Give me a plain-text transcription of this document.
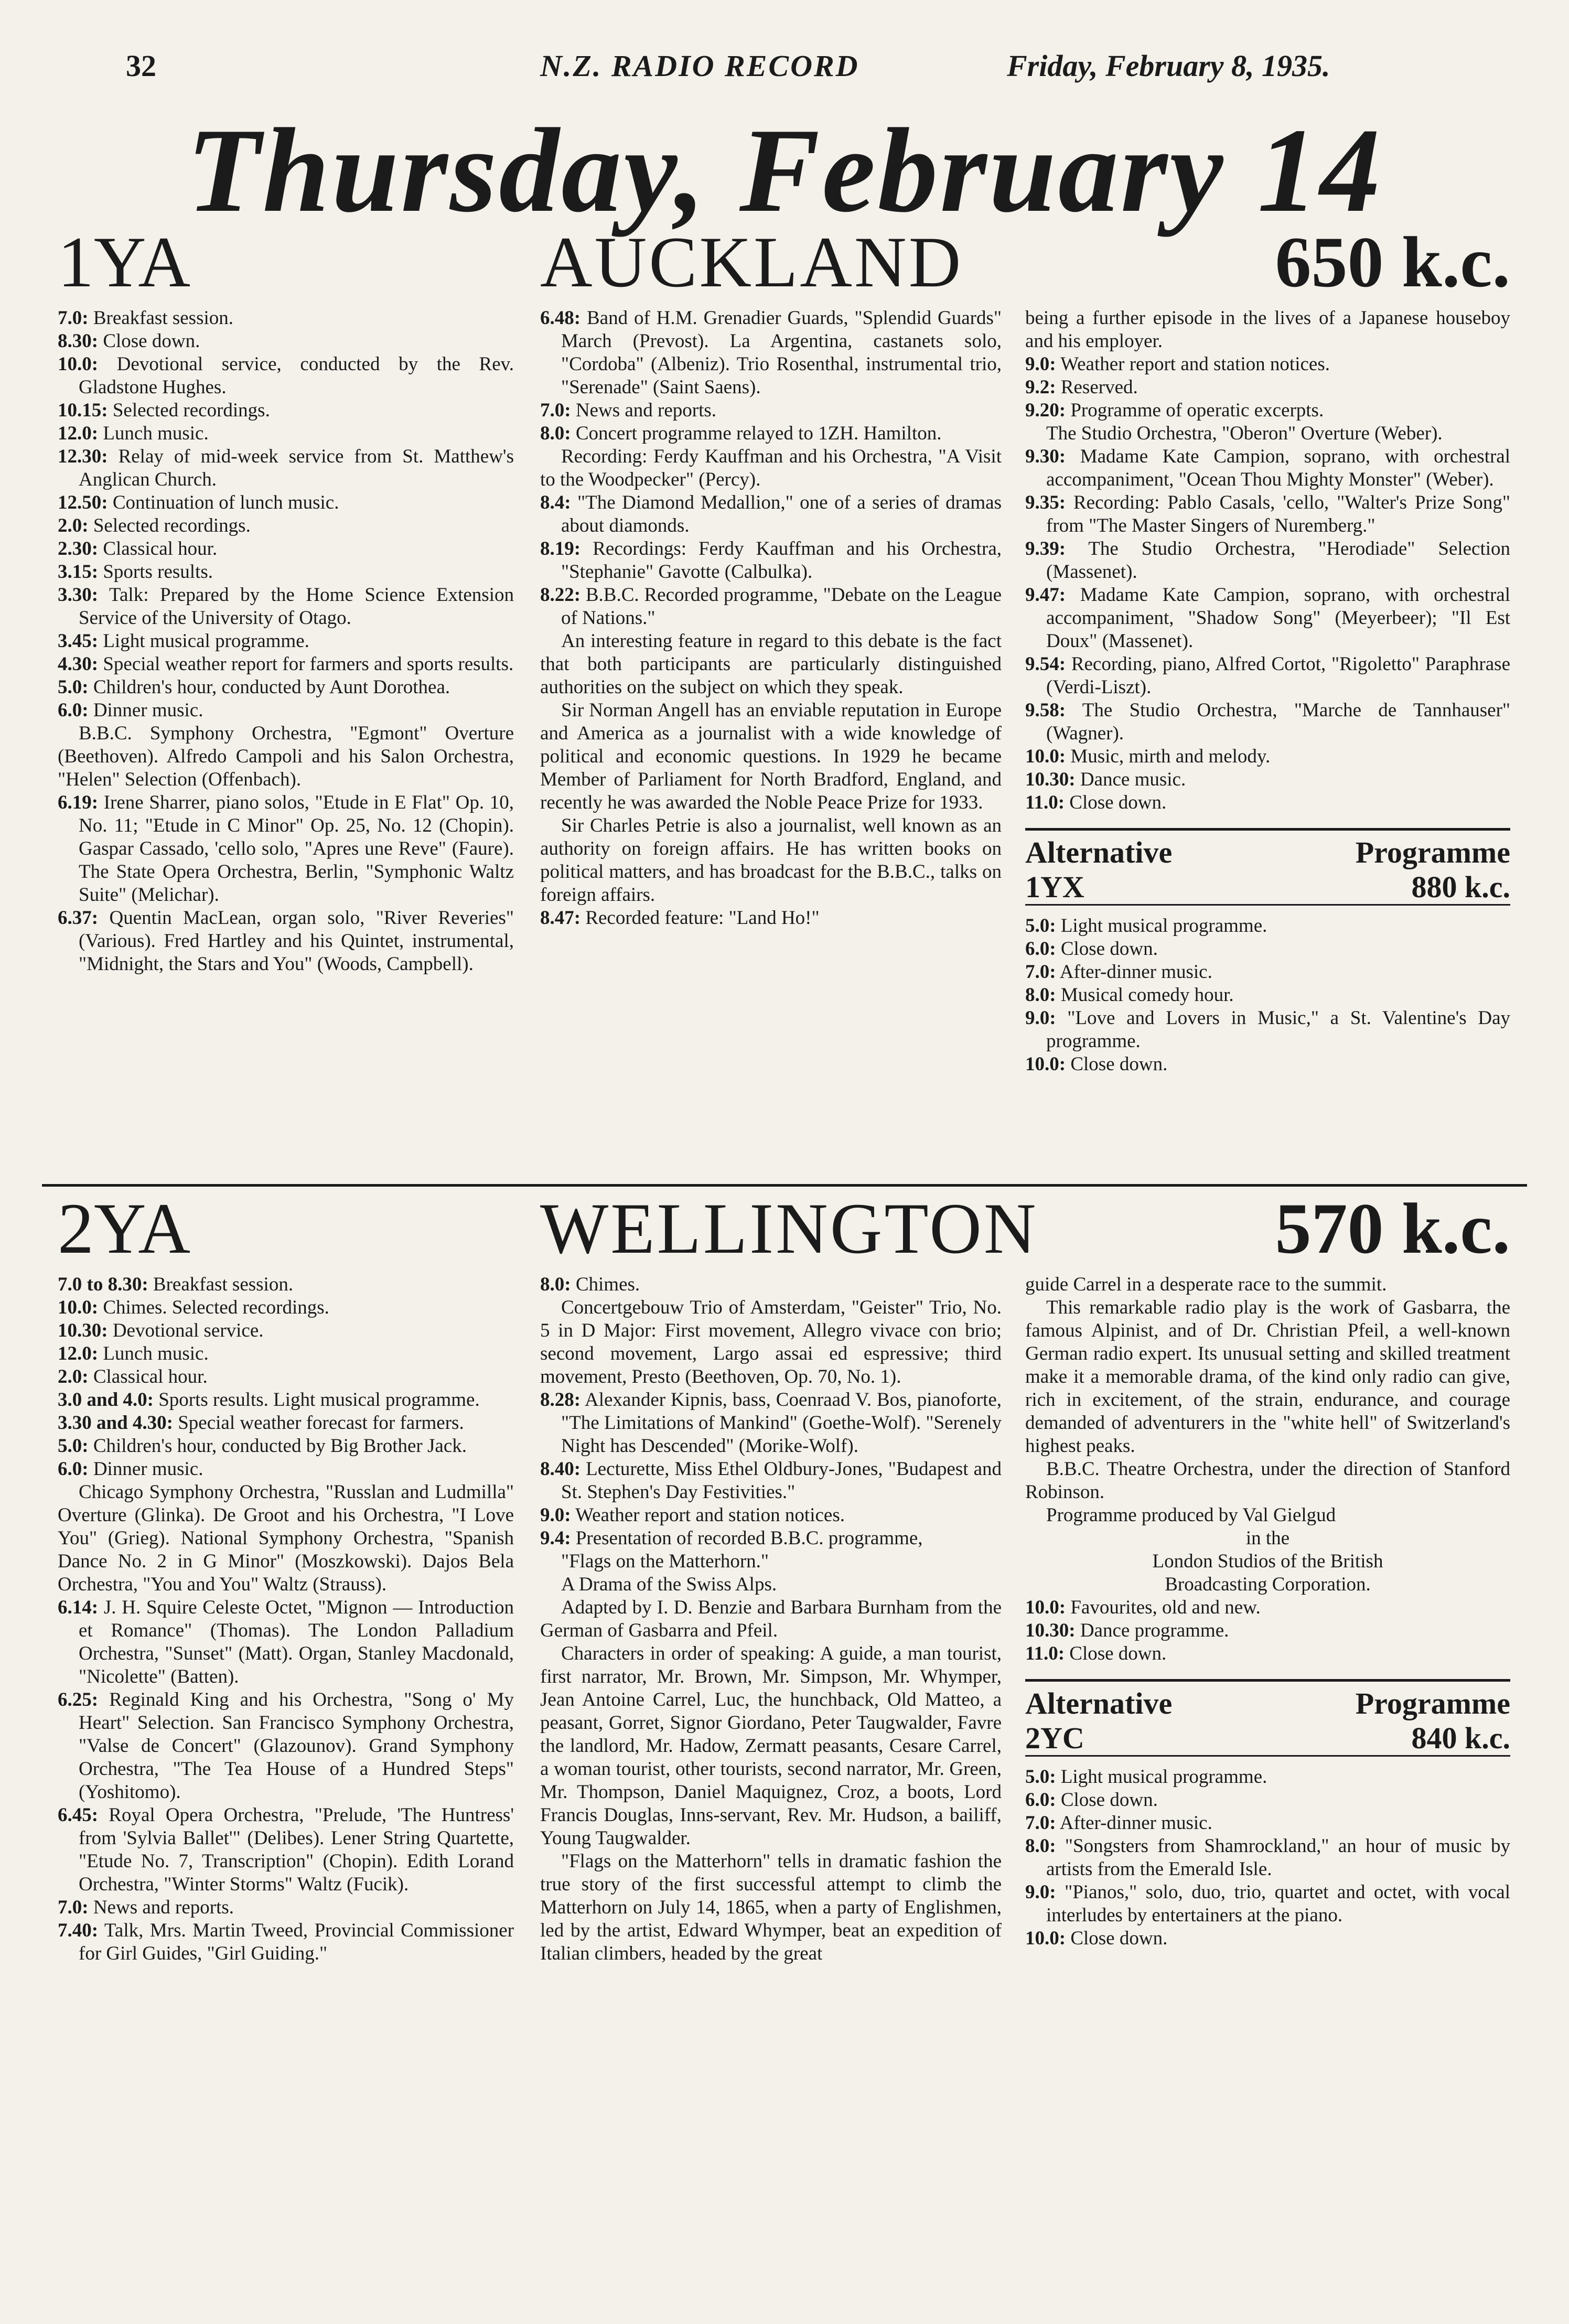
32	N.Z. RADIO RECORD	Friday, February 8, 1935.
Thursday, February 14
1YA	AUCKLAND	650 k.c.

7.0: Breakfast session.

8.30: Close down.

10.0: Devotional service, conducted by the Rev. Gladstone Hughes.

10.15: Selected recordings.

12.0: Lunch music.

12.30: Relay of mid-week service from St. Matthew's Anglican Church.

12.50: Continuation of lunch music.

2.0: Selected recordings.

2.30: Classical hour.

3.15: Sports results.

3.30: Talk: Prepared by the Home Science Extension Service of the University of Otago.

3.45: Light musical programme.

4.30: Special weather report for farmers and sports results.

5.0: Children's hour, conducted by Aunt Dorothea.

6.0: Dinner music.

B.B.C. Symphony Orchestra, "Egmont" Overture (Beethoven). Alfredo Campoli and his Salon Orchestra, "Helen" Selection (Offenbach).

6.19: Irene Sharrer, piano solos, "Etude in E Flat" Op. 10, No. 11; "Etude in C Minor" Op. 25, No. 12 (Chopin). Gaspar Cassado, 'cello solo, "Apres une Reve" (Faure). The State Opera Orchestra, Berlin, "Symphonic Waltz Suite" (Melichar).

6.37: Quentin MacLean, organ solo, "River Reveries" (Various). Fred Hartley and his Quintet, instrumental, "Midnight, the Stars and You" (Woods, Campbell).

6.48: Band of H.M. Grenadier Guards, "Splendid Guards" March (Prevost). La Argentina, castanets solo, "Cordoba" (Albeniz). Trio Rosenthal, instrumental trio, "Serenade" (Saint Saens).

7.0: News and reports.

8.0: Concert programme relayed to 1ZH. Hamilton.

Recording: Ferdy Kauffman and his Orchestra, "A Visit to the Woodpecker" (Percy).

8.4: "The Diamond Medallion," one of a series of dramas about diamonds.

8.19: Recordings: Ferdy Kauffman and his Orchestra, "Stephanie" Gavotte (Calbulka).

8.22: B.B.C. Recorded programme, "Debate on the League of Nations."

An interesting feature in regard to this debate is the fact that both participants are particularly distinguished authorities on the subject on which they speak.

Sir Norman Angell has an enviable reputation in Europe and America as a journalist with a wide knowledge of political and economic questions. In 1929 he became Member of Parliament for North Bradford, England, and recently he was awarded the Noble Peace Prize for 1933.

Sir Charles Petrie is also a journalist, well known as an authority on foreign affairs. He has written books on political matters, and has broadcast for the B.B.C., talks on foreign affairs.

8.47: Recorded feature: "Land Ho!"

being a further episode in the lives of a Japanese houseboy and his employer.

9.0: Weather report and station notices.

9.2: Reserved.

9.20: Programme of operatic excerpts.

The Studio Orchestra, "Oberon" Overture (Weber).

9.30: Madame Kate Campion, soprano, with orchestral accompaniment, "Ocean Thou Mighty Monster" (Weber).

9.35: Recording: Pablo Casals, 'cello, "Walter's Prize Song" from "The Master Singers of Nuremberg."

9.39: The Studio Orchestra, "Herodiade" Selection (Massenet).

9.47: Madame Kate Campion, soprano, with orchestral accompaniment, "Shadow Song" (Meyerbeer); "Il Est Doux" (Massenet).

9.54: Recording, piano, Alfred Cortot, "Rigoletto" Paraphrase (Verdi-Liszt).

9.58: The Studio Orchestra, "Marche de Tannhauser" (Wagner).

10.0: Music, mirth and melody.

10.30: Dance music.

11.0: Close down.

Alternative	Programme
1YX	880 k.c.

5.0: Light musical programme.

6.0: Close down.

7.0: After-dinner music.

8.0: Musical comedy hour.

9.0: "Love and Lovers in Music," a St. Valentine's Day programme.

10.0: Close down.

2YA	WELLINGTON	570 k.c.

7.0 to 8.30: Breakfast session.

10.0: Chimes. Selected recordings.

10.30: Devotional service.

12.0: Lunch music.

2.0: Classical hour.

3.0 and 4.0: Sports results. Light musical programme.

3.30 and 4.30: Special weather forecast for farmers.

5.0: Children's hour, conducted by Big Brother Jack.

6.0: Dinner music.

Chicago Symphony Orchestra, "Russlan and Ludmilla" Overture (Glinka). De Groot and his Orchestra, "I Love You" (Grieg). National Symphony Orchestra, "Spanish Dance No. 2 in G Minor" (Moszkowski). Dajos Bela Orchestra, "You and You" Waltz (Strauss).

6.14: J. H. Squire Celeste Octet, "Mignon — Introduction et Romance" (Thomas). The London Palladium Orchestra, "Sunset" (Matt). Organ, Stanley Macdonald, "Nicolette" (Batten).

6.25: Reginald King and his Orchestra, "Song o' My Heart" Selection. San Francisco Symphony Orchestra, "Valse de Concert" (Glazounov). Grand Symphony Orchestra, "The Tea House of a Hundred Steps" (Yoshitomo).

6.45: Royal Opera Orchestra, "Prelude, 'The Huntress' from 'Sylvia Ballet'" (Delibes). Lener String Quartette, "Etude No. 7, Transcription" (Chopin). Edith Lorand Orchestra, "Winter Storms" Waltz (Fucik).

7.0: News and reports.

7.40: Talk, Mrs. Martin Tweed, Provincial Commissioner for Girl Guides, "Girl Guiding."

8.0: Chimes.

Concertgebouw Trio of Amsterdam, "Geister" Trio, No. 5 in D Major: First movement, Allegro vivace con brio; second movement, Largo assai ed espressive; third movement, Presto (Beethoven, Op. 70, No. 1).

8.28: Alexander Kipnis, bass, Coenraad V. Bos, pianoforte, "The Limitations of Mankind" (Goethe-Wolf). "Serenely Night has Descended" (Morike-Wolf).

8.40: Lecturette, Miss Ethel Oldbury-Jones, "Budapest and St. Stephen's Day Festivities."

9.0: Weather report and station notices.

9.4: Presentation of recorded B.B.C. programme,

"Flags on the Matterhorn."

A Drama of the Swiss Alps.

Adapted by I. D. Benzie and Barbara Burnham from the German of Gasbarra and Pfeil.

Characters in order of speaking: A guide, a man tourist, first narrator, Mr. Brown, Mr. Simpson, Mr. Whymper, Jean Antoine Carrel, Luc, the hunchback, Old Matteo, a peasant, Gorret, Signor Giordano, Peter Taugwalder, Favre the landlord, Mr. Hadow, Zermatt peasants, Cesare Carrel, a woman tourist, other tourists, second narrator, Mr. Green, Mr. Thompson, Daniel Maquignez, Croz, a boots, Lord Francis Douglas, Inns-servant, Rev. Mr. Hudson, a bailiff, Young Taugwalder.

"Flags on the Matterhorn" tells in dramatic fashion the true story of the first successful attempt to climb the Matterhorn on July 14, 1865, when a party of Englishmen, led by the artist, Edward Whymper, beat an expedition of Italian climbers, headed by the great

guide Carrel in a desperate race to the summit.

This remarkable radio play is the work of Gasbarra, the famous Alpinist, and of Dr. Christian Pfeil, a well-known German radio expert. Its unusual setting and skilled treatment make it a memorable drama, of the kind only radio can give, rich in excitement, of the strain, endurance, and courage demanded of adventurers in the "white hell" of Switzerland's highest peaks.

B.B.C. Theatre Orchestra, under the direction of Stanford Robinson.

Programme produced by Val Gielgud

in the

London Studios of the British

Broadcasting Corporation.

10.0: Favourites, old and new.

10.30: Dance programme.

11.0: Close down.

Alternative	Programme
2YC	840 k.c.

5.0: Light musical programme.

6.0: Close down.

7.0: After-dinner music.

8.0: "Songsters from Shamrockland," an hour of music by artists from the Emerald Isle.

9.0: "Pianos," solo, duo, trio, quartet and octet, with vocal interludes by entertainers at the piano.

10.0: Close down.
